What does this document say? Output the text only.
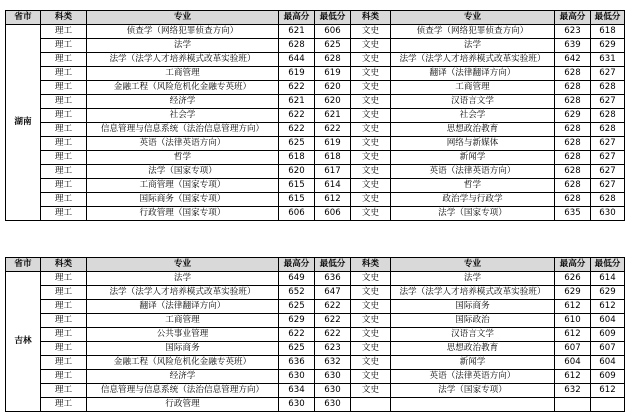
省市	科类	专业	最高分	最低分	科类	专业	最高分	最低分
湖南	理工	侦查学（网络犯罪侦查方向）	621	606	文史	侦查学（网络犯罪侦查方向）	623	618
	理工	法学	628	625	文史	法学	639	629
	理工	法学（法学人才培养模式改革实验班）	644	628	文史	法学（法学人才培养模式改革实验班）	642	631
	理工	工商管理	619	619	文史	翻译（法律翻译方向）	628	627
	理工	金融工程（风险危机化金融专英班）	622	620	文史	工商管理	628	628
	理工	经济学	621	620	文史	汉语言文学	628	627
	理工	社会学	622	621	文史	社会学	629	628
	理工	信息管理与信息系统（法治信息管理方向）	622	622	文史	思想政治教育	628	628
	理工	英语（法律英语方向）	625	619	文史	网络与新媒体	628	627
	理工	哲学	618	618	文史	新闻学	628	627
	理工	法学（国家专项）	620	617	文史	英语（法律英语方向）	628	627
	理工	工商管理（国家专项）	615	614	文史	哲学	628	627
	理工	国际商务（国家专项）	615	612	文史	政治学与行政学	628	628
	理工	行政管理（国家专项）	606	606	文史	法学（国家专项）	635	630
省市	科类	专业	最高分	最低分	科类	专业	最高分	最低分
吉林	理工	法学	649	636	文史	法学	626	614
	理工	法学（法学人才培养模式改革实验班）	652	647	文史	法学（法学人才培养模式改革实验班）	629	629
	理工	翻译（法律翻译方向）	625	622	文史	国际商务	612	612
	理工	工商管理	629	622	文史	国际政治	610	604
	理工	公共事业管理	622	622	文史	汉语言文学	612	609
	理工	国际商务	625	623	文史	思想政治教育	607	607
	理工	金融工程（风险危机化金融专英班）	636	632	文史	新闻学	604	604
	理工	经济学	630	630	文史	英语（法律英语方向）	612	609
	理工	信息管理与信息系统（法治信息管理方向）	634	630	文史	法学（国家专项）	632	612
	理工	行政管理	630	630				
